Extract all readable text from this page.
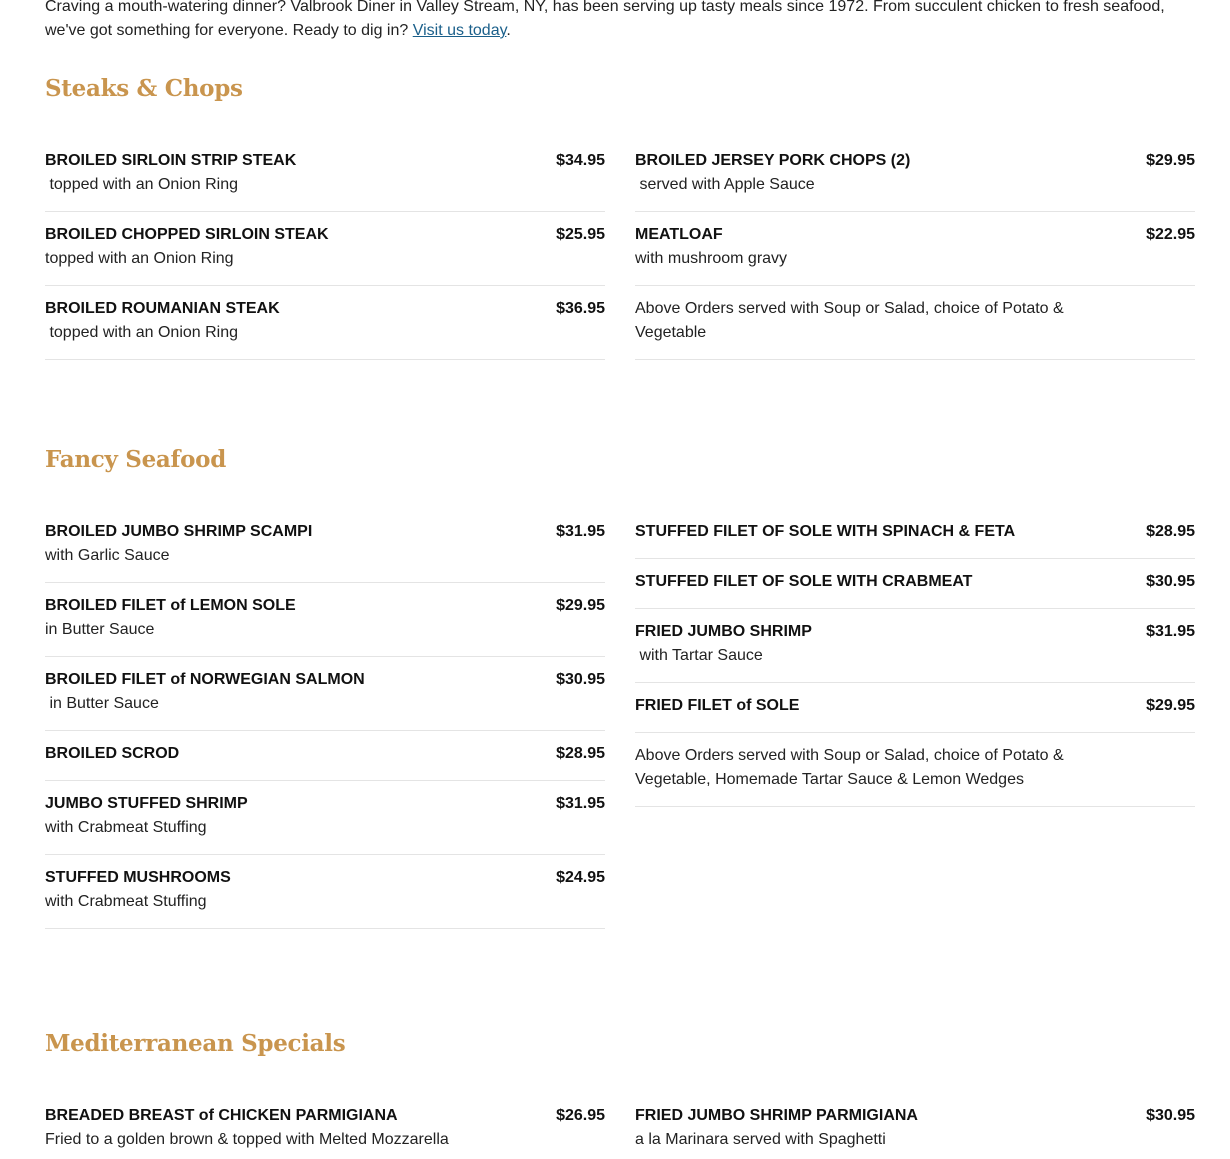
Craving a mouth-watering dinner? Valbrook Diner in Valley Stream, NY, has been serving up tasty meals since 1972. From succulent chicken to fresh seafood, we've got something for everyone. Ready to dig in? Visit us today.

Steaks & Chops
BROILED SIRLOIN STRIP STEAK	$34.95
topped with an Onion Ring
BROILED CHOPPED SIRLOIN STEAK	$25.95
topped with an Onion Ring
BROILED ROUMANIAN STEAK	$36.95
topped with an Onion Ring
BROILED JERSEY PORK CHOPS (2)	$29.95
served with Apple Sauce
MEATLOAF	$22.95
with mushroom gravy
Above Orders served with Soup or Salad, choice of Potato & Vegetable
Fancy Seafood
BROILED JUMBO SHRIMP SCAMPI	$31.95
with Garlic Sauce
BROILED FILET of LEMON SOLE	$29.95
in Butter Sauce
BROILED FILET of NORWEGIAN SALMON	$30.95
in Butter Sauce
BROILED SCROD	$28.95
JUMBO STUFFED SHRIMP	$31.95
with Crabmeat Stuffing
STUFFED MUSHROOMS	$24.95
with Crabmeat Stuffing
STUFFED FILET OF SOLE WITH SPINACH & FETA	$28.95
STUFFED FILET OF SOLE WITH CRABMEAT	$30.95
FRIED JUMBO SHRIMP	$31.95
with Tartar Sauce
FRIED FILET of SOLE	$29.95
Above Orders served with Soup or Salad, choice of Potato & Vegetable, Homemade Tartar Sauce & Lemon Wedges
Mediterranean Specials
BREADED BREAST of CHICKEN PARMIGIANA	$26.95
Fried to a golden brown & topped with Melted Mozzarella
FRIED JUMBO SHRIMP PARMIGIANA	$30.95
a la Marinara served with Spaghetti
